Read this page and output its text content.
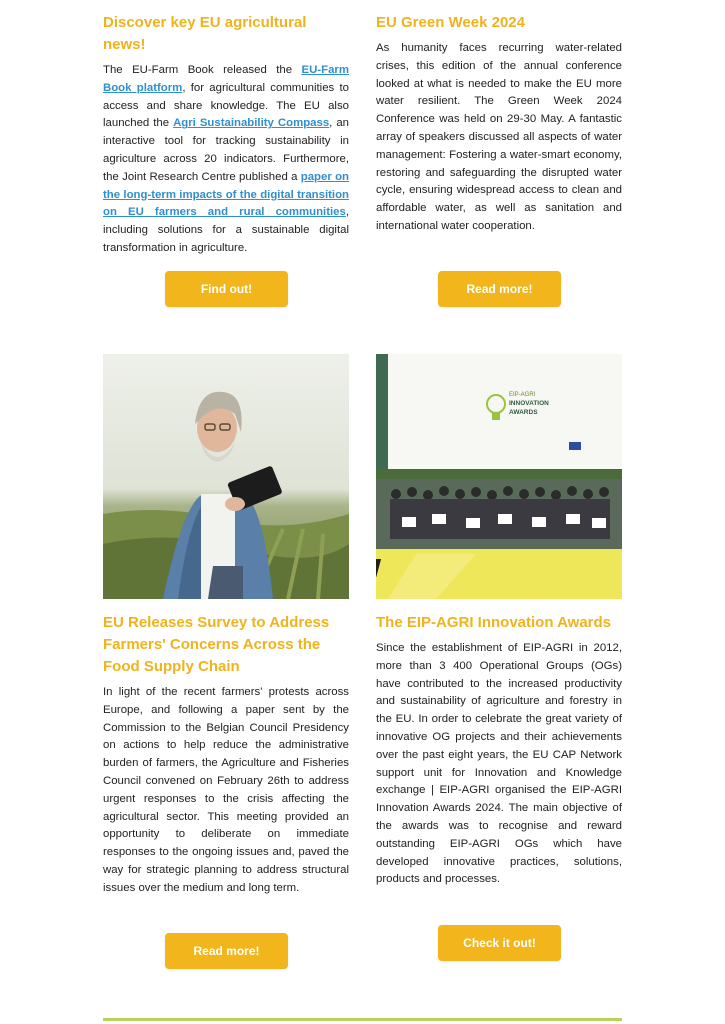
Discover key EU agricultural news!

The EU-Farm Book released the EU-Farm Book platform, for agricultural communities to access and share knowledge. The EU also launched the Agri Sustainability Compass, an interactive tool for tracking sustainability in agriculture across 20 indicators. Furthermore, the Joint Research Centre published a paper on the long-term impacts of the digital transition on EU farmers and rural communities, including solutions for a sustainable digital transformation in agriculture.

Find out!
EU Green Week 2024

As humanity faces recurring water-related crises, this edition of the annual conference looked at what is needed to make the EU more water resilient. The Green Week 2024 Conference was held on 29-30 May. A fantastic array of speakers discussed all aspects of water management: Fostering a water-smart economy, restoring and safeguarding the disrupted water cycle, ensuring widespread access to clean and affordable water, as well as sanitation and international water cooperation.

Read more!
EIP-AGRI
INNOVATION
AWARDS
EU Releases Survey to Address Farmers' Concerns Across the Food Supply Chain

In light of the recent farmers' protests across Europe, and following a paper sent by the Commission to the Belgian Council Presidency on actions to help reduce the administrative burden of farmers, the Agriculture and Fisheries Council convened on February 26th to address urgent responses to the crisis affecting the agricultural sector. This meeting provided an opportunity to deliberate on immediate responses to the ongoing issues and, paved the way for strategic planning to address structural issues over the medium and long term.

Read more!
The EIP-AGRI Innovation Awards

Since the establishment of EIP-AGRI in 2012, more than 3 400 Operational Groups (OGs) have contributed to the increased productivity and sustainability of agriculture and forestry in the EU. In order to celebrate the great variety of innovative OG projects and their achievements over the past eight years, the EU CAP Network support unit for Innovation and Knowledge exchange | EIP-AGRI organised the EIP-AGRI Innovation Awards 2024. The main objective of the awards was to recognise and reward outstanding EIP-AGRI OGs which have developed innovative practices, solutions, products and processes.

Check it out!
